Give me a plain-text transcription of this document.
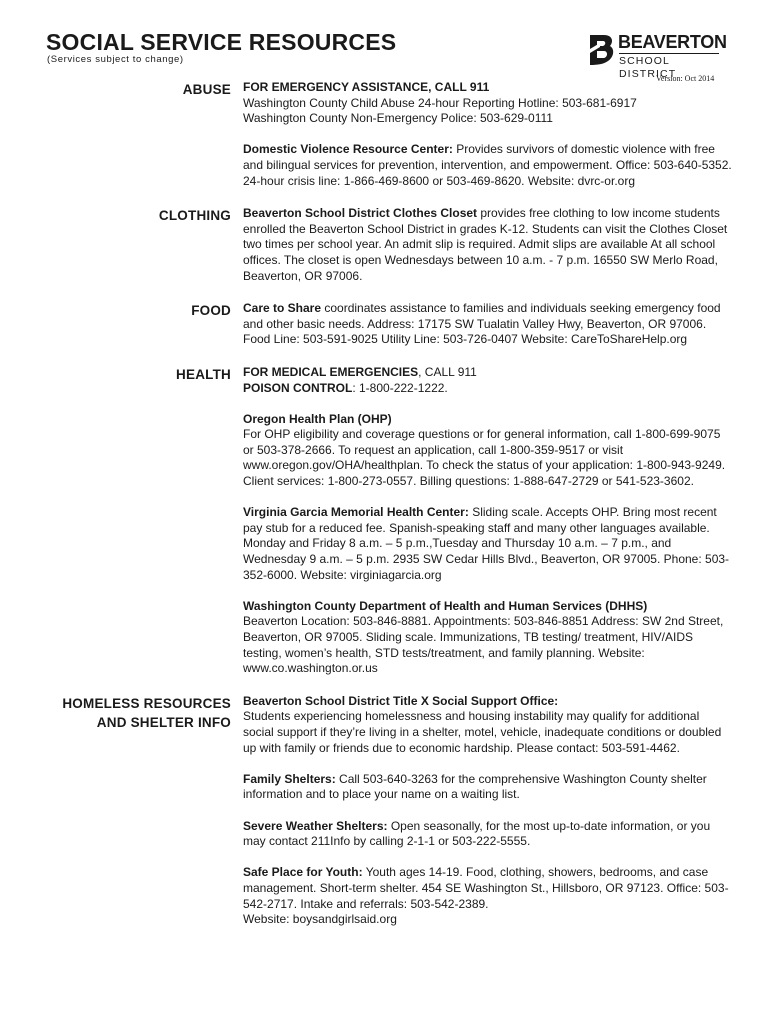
SOCIAL SERVICE RESOURCES
(Services subject to change)
BEAVERTON
SCHOOL DISTRICT
Version: Oct 2014
ABUSE FOR EMERGENCY ASSISTANCE, CALL 911
Washington County Child Abuse 24-hour Reporting Hotline: 503-681-6917
Washington County Non-Emergency Police: 503-629-0111

Domestic Violence Resource Center: Provides survivors of domestic violence with free and bilingual services for prevention, intervention, and empowerment. Office: 503-640-5352. 24-hour crisis line: 1-866-469-8600 or 503-469-8620. Website: dvrc-or.org

CLOTHING Beaverton School District Clothes Closet provides free clothing to low income students enrolled the Beaverton School District in grades K-12. Students can visit the Clothes Closet two times per school year. An admit slip is required. Admit slips are available At all school offices. The closet is open Wednesdays between 10 a.m. - 7 p.m. 16550 SW Merlo Road, Beaverton, OR 97006.

FOOD Care to Share coordinates assistance to families and individuals seeking emergency food and other basic needs. Address: 17175 SW Tualatin Valley Hwy, Beaverton, OR 97006. Food Line: 503-591-9025 Utility Line: 503-726-0407 Website: CareToShareHelp.org

HEALTH FOR MEDICAL EMERGENCIES, CALL 911
POISON CONTROL: 1-800-222-1222.

Oregon Health Plan (OHP)
For OHP eligibility and coverage questions or for general information, call 1-800-699-9075 or 503-378-2666. To request an application, call 1-800-359-9517 or visit www.oregon.gov/OHA/healthplan. To check the status of your application: 1-800-943-9249. Client services: 1-800-273-0557. Billing questions: 1-888-647-2729 or 541-523-3602.

Virginia Garcia Memorial Health Center: Sliding scale. Accepts OHP. Bring most recent pay stub for a reduced fee. Spanish-speaking staff and many other languages available. Monday and Friday 8 a.m. – 5 p.m.,Tuesday and Thursday 10 a.m. – 7 p.m., and Wednesday 9 a.m. – 5 p.m. 2935 SW Cedar Hills Blvd., Beaverton, OR 97005. Phone: 503-352-6000. Website: virginiagarcia.org

Washington County Department of Health and Human Services (DHHS)
Beaverton Location: 503-846-8881. Appointments: 503-846-8851 Address: SW 2nd Street, Beaverton, OR 97005. Sliding scale. Immunizations, TB testing/ treatment, HIV/AIDS testing, women’s health, STD tests/treatment, and family planning. Website: www.co.washington.or.us

HOMELESS RESOURCES
AND SHELTER INFO

Beaverton School District Title X Social Support Office:
Students experiencing homelessness and housing instability may qualify for additional social support if they’re living in a shelter, motel, vehicle, inadequate conditions or doubled up with family or friends due to economic hardship. Please contact: 503-591-4462.

Family Shelters: Call 503-640-3263 for the comprehensive Washington County shelter information and to place your name on a waiting list.

Severe Weather Shelters: Open seasonally, for the most up-to-date information, or you may contact 211Info by calling 2-1-1 or 503-222-5555.

Safe Place for Youth: Youth ages 14-19. Food, clothing, showers, bedrooms, and case management. Short-term shelter. 454 SE Washington St., Hillsboro, OR 97123. Office: 503-542-2717. Intake and referrals: 503-542-2389.
Website: boysandgirlsaid.org
